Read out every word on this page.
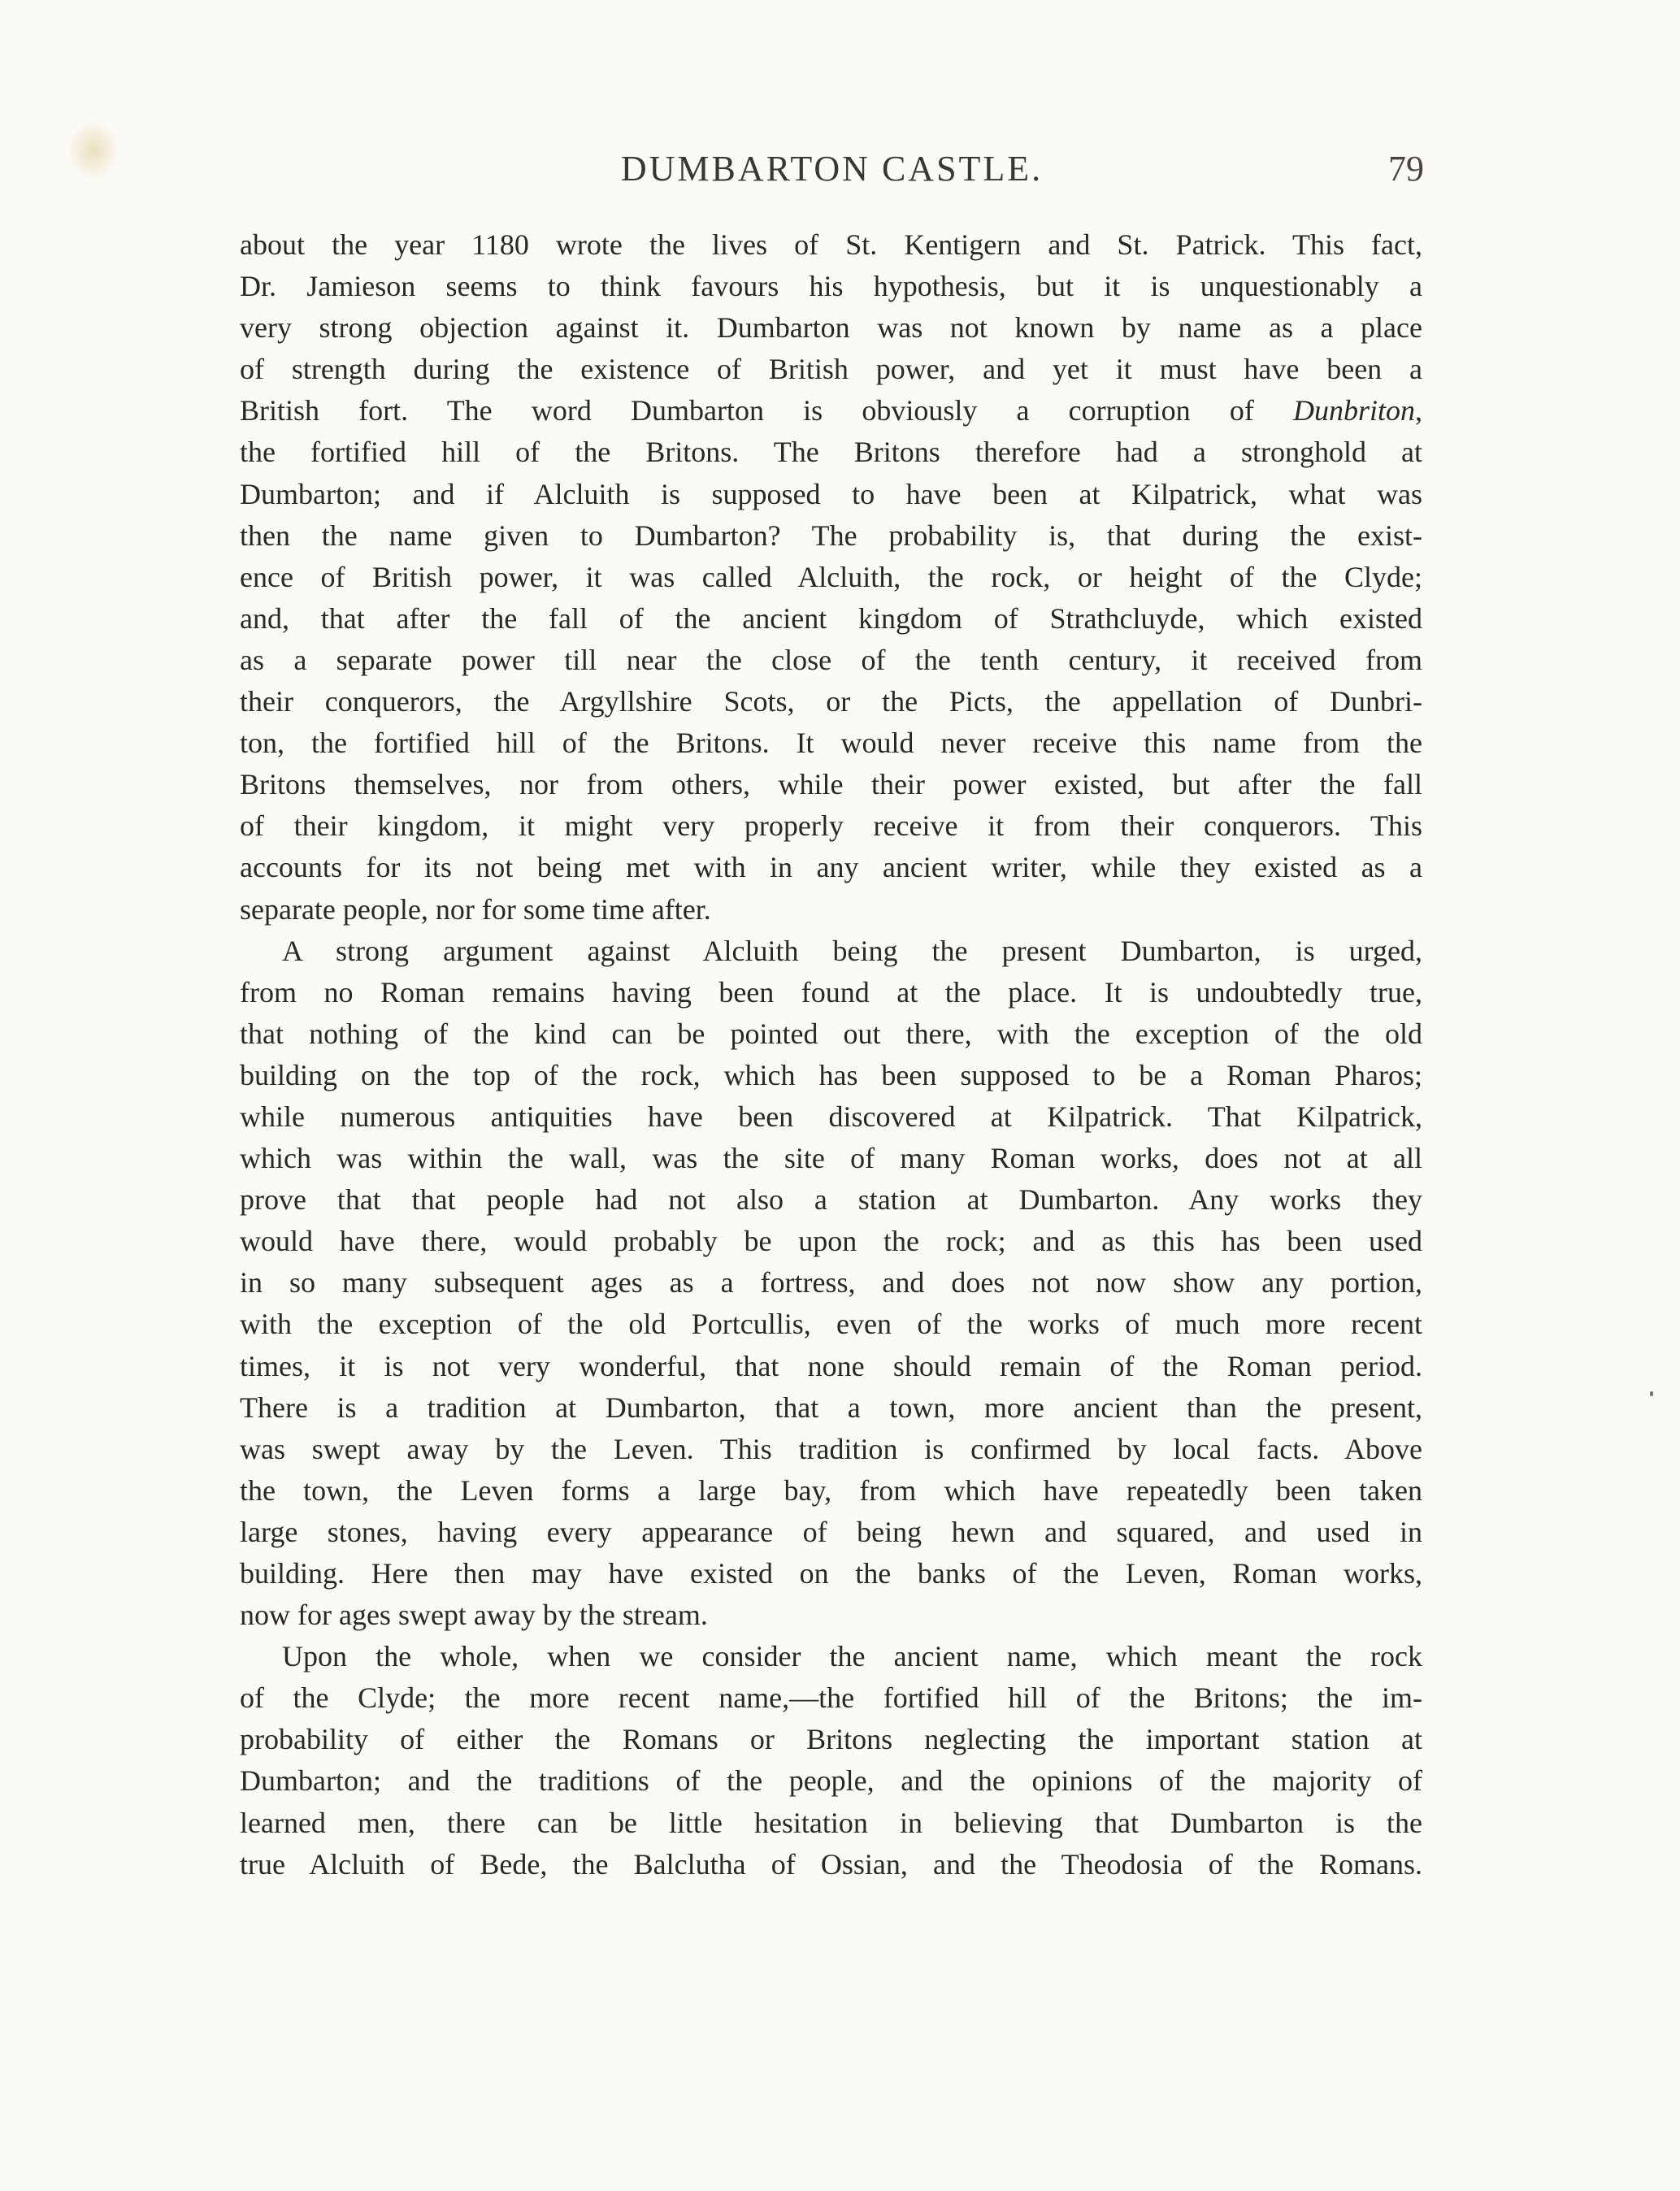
DUMBARTON CASTLE.	79
about the year 1180 wrote the lives of St. Kentigern and St. Patrick. This fact,
Dr. Jamieson seems to think favours his hypothesis, but it is unquestionably a
very strong objection against it. Dumbarton was not known by name as a place
of strength during the existence of British power, and yet it must have been a
British fort. The word Dumbarton is obviously a corruption of Dunbriton,
the fortified hill of the Britons. The Britons therefore had a stronghold at
Dumbarton; and if Alcluith is supposed to have been at Kilpatrick, what was
then the name given to Dumbarton? The probability is, that during the exist-
ence of British power, it was called Alcluith, the rock, or height of the Clyde;
and, that after the fall of the ancient kingdom of Strathcluyde, which existed
as a separate power till near the close of the tenth century, it received from
their conquerors, the Argyllshire Scots, or the Picts, the appellation of Dunbri-
ton, the fortified hill of the Britons. It would never receive this name from the
Britons themselves, nor from others, while their power existed, but after the fall
of their kingdom, it might very properly receive it from their conquerors. This
accounts for its not being met with in any ancient writer, while they existed as a
separate people, nor for some time after.
A strong argument against Alcluith being the present Dumbarton, is urged,
from no Roman remains having been found at the place. It is undoubtedly true,
that nothing of the kind can be pointed out there, with the exception of the old
building on the top of the rock, which has been supposed to be a Roman Pharos;
while numerous antiquities have been discovered at Kilpatrick. That Kilpatrick,
which was within the wall, was the site of many Roman works, does not at all
prove that that people had not also a station at Dumbarton. Any works they
would have there, would probably be upon the rock; and as this has been used
in so many subsequent ages as a fortress, and does not now show any portion,
with the exception of the old Portcullis, even of the works of much more recent
times, it is not very wonderful, that none should remain of the Roman period.
There is a tradition at Dumbarton, that a town, more ancient than the present,
was swept away by the Leven. This tradition is confirmed by local facts. Above
the town, the Leven forms a large bay, from which have repeatedly been taken
large stones, having every appearance of being hewn and squared, and used in
building. Here then may have existed on the banks of the Leven, Roman works,
now for ages swept away by the stream.
Upon the whole, when we consider the ancient name, which meant the rock
of the Clyde; the more recent name,—the fortified hill of the Britons; the im-
probability of either the Romans or Britons neglecting the important station at
Dumbarton; and the traditions of the people, and the opinions of the majority of
learned men, there can be little hesitation in believing that Dumbarton is the
true Alcluith of Bede, the Balclutha of Ossian, and the Theodosia of the Romans.
